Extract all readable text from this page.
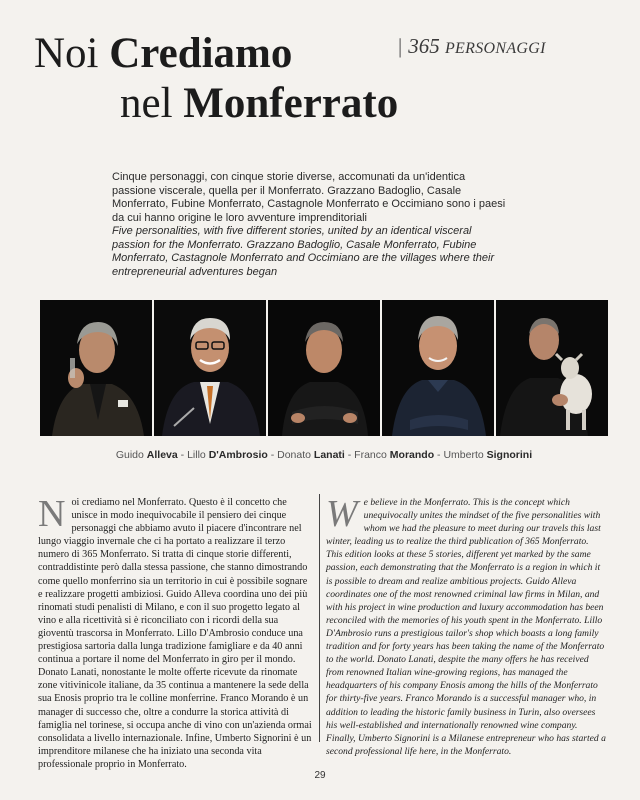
Noi Crediamo
nel Monferrato
| 365 PERSONAGGI

Cinque personaggi, con cinque storie diverse, accomunati da un'identica passione viscerale, quella per il Monferrato. Grazzano Badoglio, Casale Monferrato, Fubine Monferrato, Castagnole Monferrato e Occimiano sono i paesi da cui hanno origine le loro avventure imprenditoriali

Five personalities, with five different stories, united by an identical visceral passion for the Monferrato. Grazzano Badoglio, Casale Monferrato, Fubine Monferrato, Castagnole Monferrato and Occimiano are the villages where their entrepreneurial adventures began

Guido Alleva - Lillo D'Ambrosio - Donato Lanati - Franco Morando - Umberto Signorini
Noi crediamo nel Monferrato. Questo è il concetto che unisce in modo inequivocabile il pensiero dei cinque personaggi che abbiamo avuto il piacere d'incontrare nel lungo viaggio invernale che ci ha portato a realizzare il terzo numero di 365 Monferrato. Si tratta di cinque storie differenti, contraddistinte però dalla stessa passione, che stanno dimostrando come quello monferrino sia un territorio in cui è possibile sognare e realizzare progetti ambiziosi. Guido Alleva coordina uno dei più rinomati studi penalisti di Milano, e con il suo progetto legato al vino e alla ricettività si è riconciliato con i ricordi della sua gioventù trascorsa in Monferrato. Lillo D'Ambrosio conduce una prestigiosa sartoria dalla lunga tradizione famigliare e da 40 anni continua a portare il nome del Monferrato in giro per il mondo. Donato Lanati, nonostante le molte offerte ricevute da rinomate zone vitivinicole italiane, da 35 continua a mantenere la sede della sua Enosis proprio tra le colline monferrine. Franco Morando è un manager di successo che, oltre a condurre la storica attività di famiglia nel torinese, si occupa anche di vino con un'azienda ormai consolidata a livello internazionale. Infine, Umberto Signorini è un imprenditore milanese che ha iniziato una seconda vita professionale proprio in Monferrato.
We believe in the Monferrato. This is the concept which unequivocally unites the mindset of the five personalities with whom we had the pleasure to meet during our travels this last winter, leading us to realize the third publication of 365 Monferrato. This edition looks at these 5 stories, different yet marked by the same passion, each demonstrating that the Monferrato is a region in which it is possible to dream and realize ambitious projects. Guido Alleva coordinates one of the most renowned criminal law firms in Milan, and with his project in wine production and luxury accommodation has been reconciled with the memories of his youth spent in the Monferrato. Lillo D'Ambrosio runs a prestigious tailor's shop which boasts a long family tradition and for forty years has been taking the name of the Monferrato to the world. Donato Lanati, despite the many offers he has received from renowned Italian wine-growing regions, has managed the headquarters of his company Enosis among the hills of the Monferrato for thirty-five years. Franco Morando is a successful manager who, in addition to leading the historic family business in Turin, also oversees his well-established and internationally renowned wine company. Finally, Umberto Signorini is a Milanese entrepreneur who has started a second professional life here, in the Monferrato.
29
